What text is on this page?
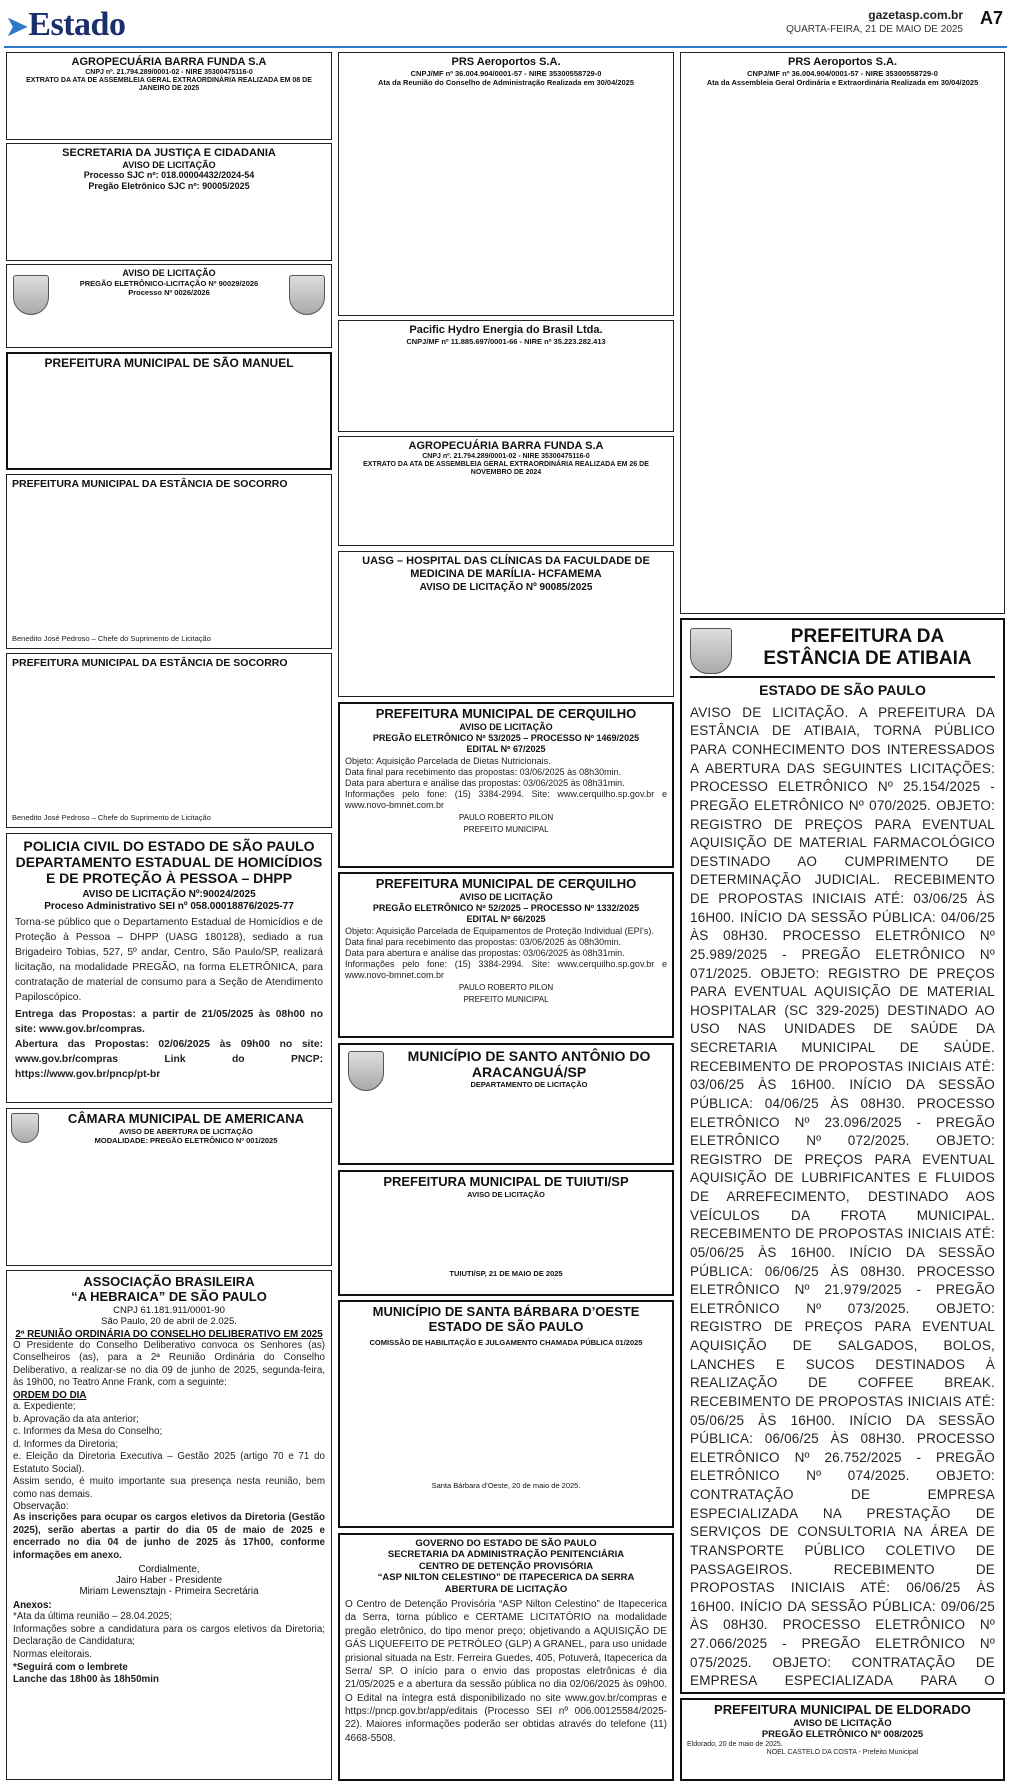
➤Estado	gazetasp.com.br
QUARTA-FEIRA, 21 DE MAIO DE 2025
A7
AGROPECUÁRIA BARRA FUNDA S.A
CNPJ nº. 21.794.289/0001-02 - NIRE 35300475116-0
EXTRATO DA ATA DE ASSEMBLEIA GERAL EXTRAORDINÁRIA REALIZADA EM 08 DE JANEIRO DE 2025
SECRETARIA DA JUSTIÇA E CIDADANIA
AVISO DE LICITAÇÃO
Processo SJC nº: 018.00004432/2024-54
Pregão Eletrônico SJC nº: 90005/2025
AVISO DE LICITAÇÃO
PREGÃO ELETRÔNICO-LICITAÇÃO Nº 90029/2026
Processo Nº 0026/2026
PREFEITURA MUNICIPAL DE SÃO MANUEL
PREFEITURA MUNICIPAL DA ESTÂNCIA DE SOCORRO
Benedito José Pedroso – Chefe do Suprimento de Licitação
PREFEITURA MUNICIPAL DA ESTÂNCIA DE SOCORRO
Benedito José Pedroso – Chefe do Suprimento de Licitação
POLICIA CIVIL DO ESTADO DE SÃO PAULO
DEPARTAMENTO ESTADUAL DE HOMICÍDIOS E DE PROTEÇÃO À PESSOA – DHPP
AVISO DE LICITAÇÃO Nº:90024/2025
Proceso Administrativo SEI nº 058.00018876/2025-77
Torna-se público que o Departamento Estadual de Homicídios e de Proteção à Pessoa – DHPP (UASG 180128), sediado a rua Brigadeiro Tobias, 527, 5º andar, Centro, São Paulo/SP, realizará licitação, na modalidade PREGÃO, na forma ELETRÔNICA, para contratação de material de consumo para a Seção de Atendimento Papiloscópico.
Entrega das Propostas: a partir de 21/05/2025 às 08h00 no site: www.gov.br/compras.
Abertura das Propostas: 02/06/2025 às 09h00 no site: www.gov.br/compras Link do PNCP: https://www.gov.br/pncp/pt-br
CÂMARA MUNICIPAL DE AMERICANA
AVISO DE ABERTURA DE LICITAÇÃO
MODALIDADE: PREGÃO ELETRÔNICO Nº 001/2025
ASSOCIAÇÃO BRASILEIRA
“A HEBRAICA” DE SÃO PAULO
CNPJ 61.181.911/0001-90
São Paulo, 20 de abril de 2.025.
2ª REUNIÃO ORDINÁRIA DO CONSELHO DELIBERATIVO EM 2025
O Presidente do Conselho Deliberativo convoca os Senhores (as) Conselheiros (as), para a 2ª Reunião Ordinária do Conselho Deliberativo, a realizar-se no dia 09 de junho de 2025, segunda-feira, às 19h00, no Teatro Anne Frank, com a seguinte:
ORDEM DO DIA
a. Expediente;
b. Aprovação da ata anterior;
c. Informes da Mesa do Conselho;
d. Informes da Diretoria;
e. Eleição da Diretoria Executiva – Gestão 2025 (artigo 70 e 71 do Estatuto Social).
Assim sendo, é muito importante sua presença nesta reunião, bem como nas demais.
Observação:
As inscrições para ocupar os cargos eletivos da Diretoria (Gestão 2025), serão abertas a partir do dia 05 de maio de 2025 e encerrado no dia 04 de junho de 2025 às 17h00, conforme informações em anexo.
Cordialmente,
Jairo Haber - Presidente
Miriam Lewensztajn - Primeira Secretária
Anexos:
*Ata da última reunião – 28.04.2025;
Informações sobre a candidatura para os cargos eletivos da Diretoria; Declaração de Candidatura;
Normas eleitorais.
*Seguirá com o lembrete
Lanche das 18h00 às 18h50min
PRS Aeroportos S.A.
CNPJ/MF nº 36.004.904/0001-57 - NIRE 35300558729-0
Ata da Reunião do Conselho de Administração Realizada em 30/04/2025
Pacific Hydro Energia do Brasil Ltda.
CNPJ/MF nº 11.885.697/0001-66 - NIRE nº 35.223.282.413
AGROPECUÁRIA BARRA FUNDA S.A
CNPJ nº. 21.794.289/0001-02 - NIRE 35300475116-0
EXTRATO DA ATA DE ASSEMBLEIA GERAL EXTRAORDINÁRIA REALIZADA EM 26 DE NOVEMBRO DE 2024
UASG – HOSPITAL DAS CLÍNICAS DA FACULDADE DE MEDICINA DE MARÍLIA- HCFAMEMA
AVISO DE LICITAÇÃO Nº 90085/2025
PREFEITURA MUNICIPAL DE CERQUILHO
AVISO DE LICITAÇÃO
PREGÃO ELETRÔNICO Nº 53/2025 – PROCESSO Nº 1469/2025
EDITAL Nº 67/2025
Objeto: Aquisição Parcelada de Dietas Nutricionais.
Data final para recebimento das propostas: 03/06/2025 às 08h30min.
Data para abertura e análise das propostas: 03/06/2025 às 08h31min.
Informações pelo fone: (15) 3384-2994. Site: www.cerquilho.sp.gov.br e www.novo-bmnet.com.br
PAULO ROBERTO PILON
PREFEITO MUNICIPAL
PREFEITURA MUNICIPAL DE CERQUILHO
AVISO DE LICITAÇÃO
PREGÃO ELETRÔNICO Nº 52/2025 – PROCESSO Nº 1332/2025
EDITAL Nº 66/2025
Objeto: Aquisição Parcelada de Equipamentos de Proteção Individual (EPI's).
Data final para recebimento das propostas: 03/06/2025 às 08h30min.
Data para abertura e análise das propostas: 03/06/2025 às 08h31min.
Informações pelo fone: (15) 3384-2994. Site: www.cerquilho.sp.gov.br e www.novo-bmnet.com.br
PAULO ROBERTO PILON
PREFEITO MUNICIPAL
MUNICÍPIO DE SANTO ANTÔNIO DO ARACANGUÁ/SP
DEPARTAMENTO DE LICITAÇÃO
PREFEITURA MUNICIPAL DE TUIUTI/SP
AVISO DE LICITAÇÃO
TUIUTI/SP, 21 DE MAIO DE 2025
MUNICÍPIO DE SANTA BÁRBARA D’OESTE ESTADO DE SÃO PAULO
COMISSÃO DE HABILITAÇÃO E JULGAMENTO CHAMADA PÚBLICA 01/2025
Santa Bárbara d’Oeste, 20 de maio de 2025.
GOVERNO DO ESTADO DE SÃO PAULO
SECRETARIA DA ADMINISTRAÇÃO PENITENCIÁRIA
CENTRO DE DETENÇÃO PROVISÓRIA
“ASP NILTON CELESTINO” DE ITAPECERICA DA SERRA
ABERTURA DE LICITAÇÃO
O Centro de Detenção Provisória “ASP Nilton Celestino” de Itapecerica da Serra, torna público e CERTAME LICITATÓRIO na modalidade pregão eletrônico, do tipo menor preço; objetivando a AQUISIÇÃO DE GÁS LIQUEFEITO DE PETRÓLEO (GLP) A GRANEL, para uso unidade prisional situada na Estr. Ferreira Guedes, 405, Potuverá, Itapecerica da Serra/ SP. O início para o envio das propostas eletrônicas é dia 21/05/2025 e a abertura da sessão pública no dia 02/06/2025 às 09h00. O Edital na íntegra está disponibilizado no site www.gov.br/compras e https://pncp.gov.br/app/editais (Processo SEI nº 006.00125584/2025-22). Maiores informações poderão ser obtidas através do telefone (11) 4668-5508.
PRS Aeroportos S.A.
CNPJ/MF nº 36.004.904/0001-57 - NIRE 35300558729-0
Ata da Assembleia Geral Ordinária e Extraordinária Realizada em 30/04/2025
PREFEITURA DA ESTÂNCIA DE ATIBAIA
ESTADO DE SÃO PAULO
AVISO DE LICITAÇÃO. A PREFEITURA DA ESTÂNCIA DE ATIBAIA, TORNA PÚBLICO PARA CONHECIMENTO DOS INTERESSADOS A ABERTURA DAS SEGUINTES LICITAÇÕES: PROCESSO ELETRÔNICO Nº 25.154/2025 - PREGÃO ELETRÔNICO Nº 070/2025. OBJETO: REGISTRO DE PREÇOS PARA EVENTUAL AQUISIÇÃO DE MATERIAL FARMACOLÓGICO DESTINADO AO CUMPRIMENTO DE DETERMINAÇÃO JUDICIAL. RECEBIMENTO DE PROPOSTAS INICIAIS ATÉ: 03/06/25 ÀS 16H00. INÍCIO DA SESSÃO PÚBLICA: 04/06/25 ÀS 08H30. PROCESSO ELETRÔNICO Nº 25.989/2025 - PREGÃO ELETRÔNICO Nº 071/2025. OBJETO: REGISTRO DE PREÇOS PARA EVENTUAL AQUISIÇÃO DE MATERIAL HOSPITALAR (SC 329-2025) DESTINADO AO USO NAS UNIDADES DE SAÚDE DA SECRETARIA MUNICIPAL DE SAÚDE. RECEBIMENTO DE PROPOSTAS INICIAIS ATÉ: 03/06/25 ÀS 16H00. INÍCIO DA SESSÃO PÚBLICA: 04/06/25 ÀS 08H30. PROCESSO ELETRÔNICO Nº 23.096/2025 - PREGÃO ELETRÔNICO Nº 072/2025. OBJETO: REGISTRO DE PREÇOS PARA EVENTUAL AQUISIÇÃO DE LUBRIFICANTES E FLUIDOS DE ARREFECIMENTO, DESTINADO AOS VEÍCULOS DA FROTA MUNICIPAL. RECEBIMENTO DE PROPOSTAS INICIAIS ATÉ: 05/06/25 ÀS 16H00. INÍCIO DA SESSÃO PÚBLICA: 06/06/25 ÀS 08H30. PROCESSO ELETRÔNICO Nº 21.979/2025 - PREGÃO ELETRÔNICO Nº 073/2025. OBJETO: REGISTRO DE PREÇOS PARA EVENTUAL AQUISIÇÃO DE SALGADOS, BOLOS, LANCHES E SUCOS DESTINADOS À REALIZAÇÃO DE COFFEE BREAK. RECEBIMENTO DE PROPOSTAS INICIAIS ATÉ: 05/06/25 ÀS 16H00. INÍCIO DA SESSÃO PÚBLICA: 06/06/25 ÀS 08H30. PROCESSO ELETRÔNICO Nº 26.752/2025 - PREGÃO ELETRÔNICO Nº 074/2025. OBJETO: CONTRATAÇÃO DE EMPRESA ESPECIALIZADA NA PRESTAÇÃO DE SERVIÇOS DE CONSULTORIA NA ÁREA DE TRANSPORTE PÚBLICO COLETIVO DE PASSAGEIROS. RECEBIMENTO DE PROPOSTAS INICIAIS ATÉ: 06/06/25 ÀS 16H00. INÍCIO DA SESSÃO PÚBLICA: 09/06/25 ÀS 08H30. PROCESSO ELETRÔNICO Nº 27.066/2025 - PREGÃO ELETRÔNICO Nº 075/2025. OBJETO: CONTRATAÇÃO DE EMPRESA ESPECIALIZADA PARA O
PREFEITURA MUNICIPAL DE ELDORADO
AVISO DE LICITAÇÃO
PREGÃO ELETRÔNICO Nº 008/2025
Eldorado, 20 de maio de 2025.
NOEL CASTELO DA COSTA - Prefeito Municipal
